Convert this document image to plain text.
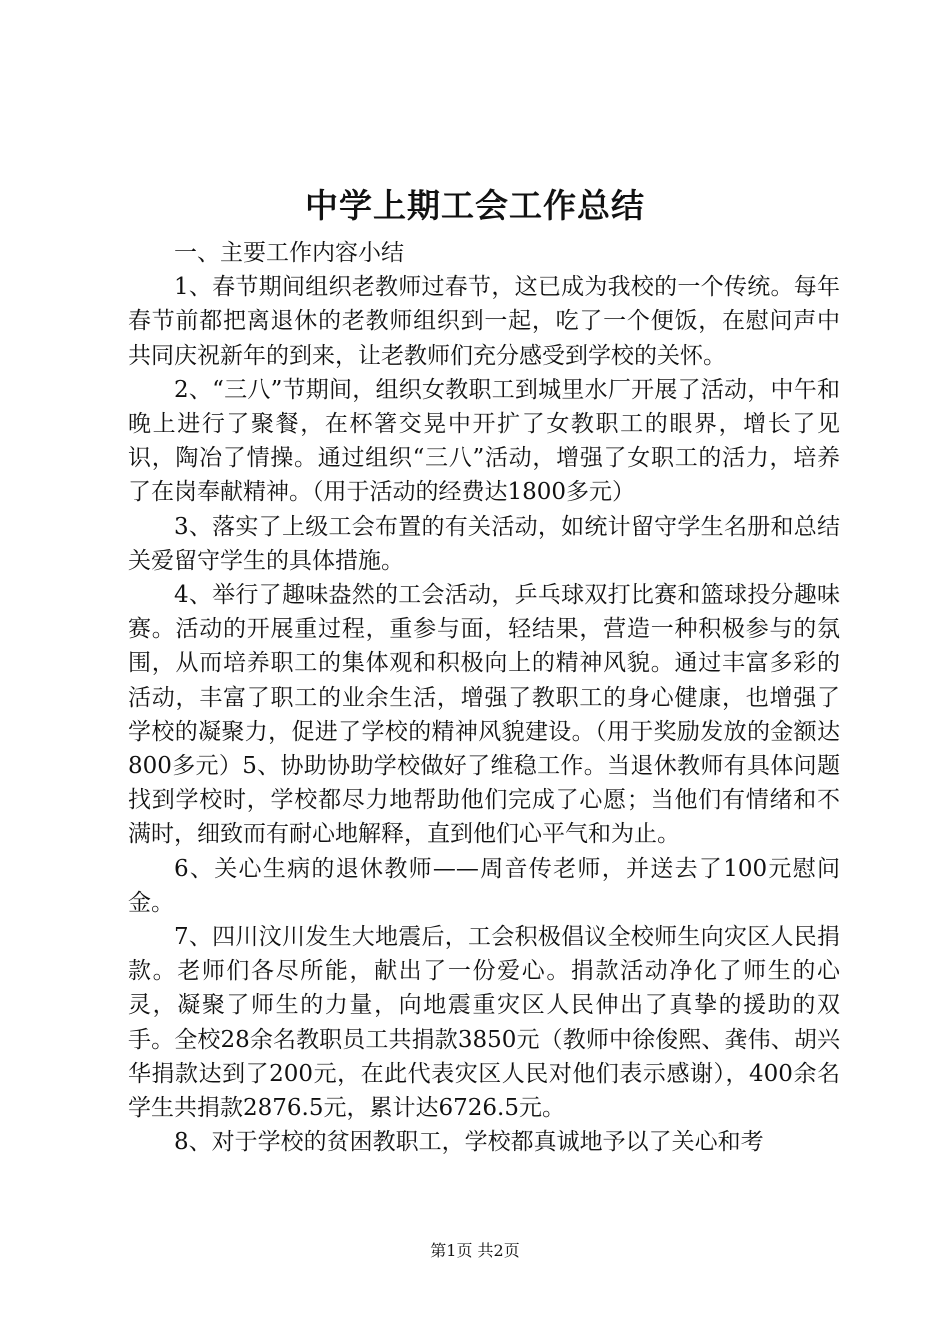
中学上期工会工作总结

一、主要工作内容小结

1、春节期间组织老教师过春节，这已成为我校的一个传统。每年春节前都把离退休的老教师组织到一起，吃了一个便饭，在慰问声中共同庆祝新年的到来，让老教师们充分感受到学校的关怀。

2、“三八”节期间，组织女教职工到城里水厂开展了活动，中午和晚上进行了聚餐，在杯箸交晃中开扩了女教职工的眼界，增长了见识，陶冶了情操。通过组织“三八”活动，增强了女职工的活力，培养了在岗奉献精神。（用于活动的经费达1800多元）

3、落实了上级工会布置的有关活动，如统计留守学生名册和总结关爱留守学生的具体措施。

4、举行了趣味盎然的工会活动，乒乓球双打比赛和篮球投分趣味赛。活动的开展重过程，重参与面，轻结果，营造一种积极参与的氛围，从而培养职工的集体观和积极向上的精神风貌。通过丰富多彩的活动，丰富了职工的业余生活，增强了教职工的身心健康，也增强了学校的凝聚力，促进了学校的精神风貌建设。（用于奖励发放的金额达800多元）5、协助协助学校做好了维稳工作。当退休教师有具体问题找到学校时，学校都尽力地帮助他们完成了心愿；当他们有情绪和不满时，细致而有耐心地解释，直到他们心平气和为止。

6、关心生病的退休教师——周音传老师，并送去了100元慰问金。

7、四川汶川发生大地震后，工会积极倡议全校师生向灾区人民捐款。老师们各尽所能，献出了一份爱心。捐款活动净化了师生的心灵，凝聚了师生的力量，向地震重灾区人民伸出了真挚的援助的双手。全校28余名教职员工共捐款3850元（教师中徐俊熙、龚伟、胡兴华捐款达到了200元，在此代表灾区人民对他们表示感谢），400余名学生共捐款2876.5元，累计达6726.5元。

8、对于学校的贫困教职工，学校都真诚地予以了关心和考

第1页 共2页
